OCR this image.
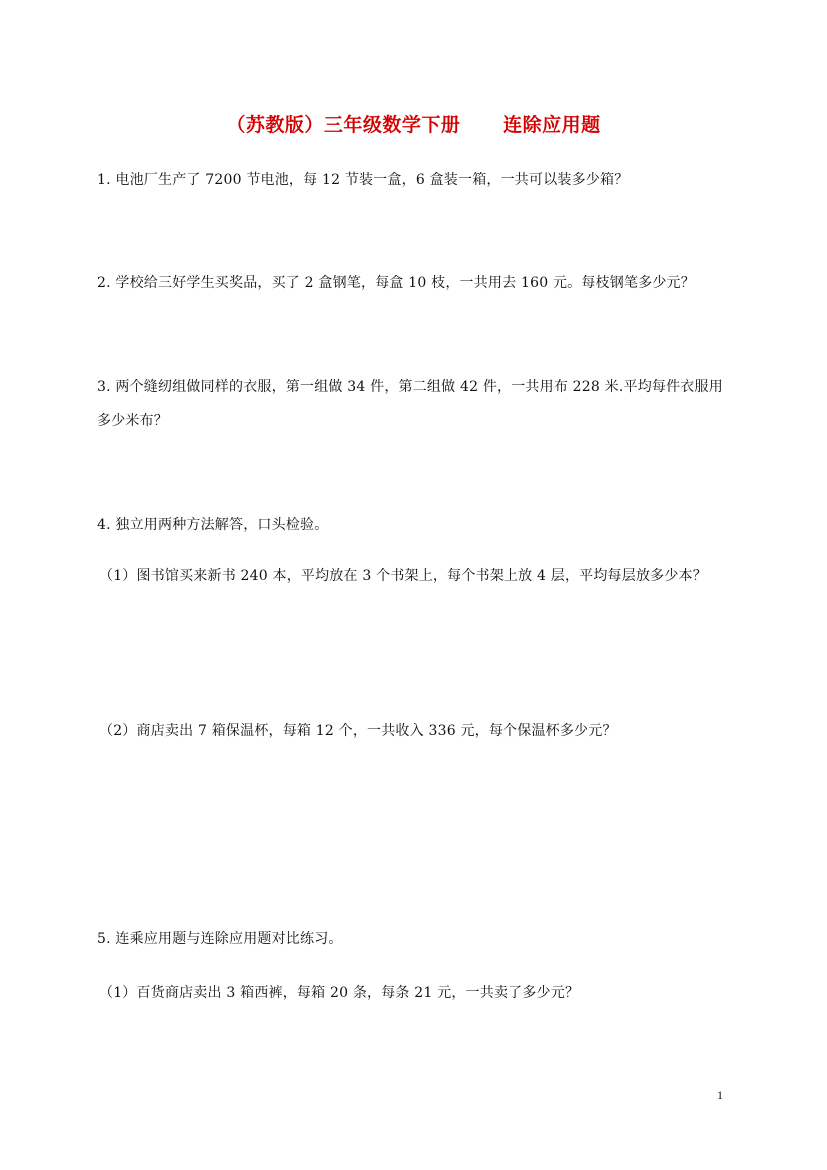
（苏教版）三年级数学下册      连除应用题
1. 电池厂生产了 7200 节电池，每 12 节装一盒，6 盒装一箱，一共可以装多少箱？
2. 学校给三好学生买奖品，买了 2 盒钢笔，每盒 10 枝，一共用去 160 元。每枝钢笔多少元？
3. 两个缝纫组做同样的衣服，第一组做 34 件，第二组做 42 件，一共用布 228 米.平均每件衣服用
多少米布？
4. 独立用两种方法解答，口头检验。
（1）图书馆买来新书 240 本，平均放在 3 个书架上，每个书架上放 4 层，平均每层放多少本？
（2）商店卖出 7 箱保温杯，每箱 12 个，一共收入 336 元，每个保温杯多少元？
5. 连乘应用题与连除应用题对比练习。
（1）百货商店卖出 3 箱西裤，每箱 20 条，每条 21 元，一共卖了多少元？
1
